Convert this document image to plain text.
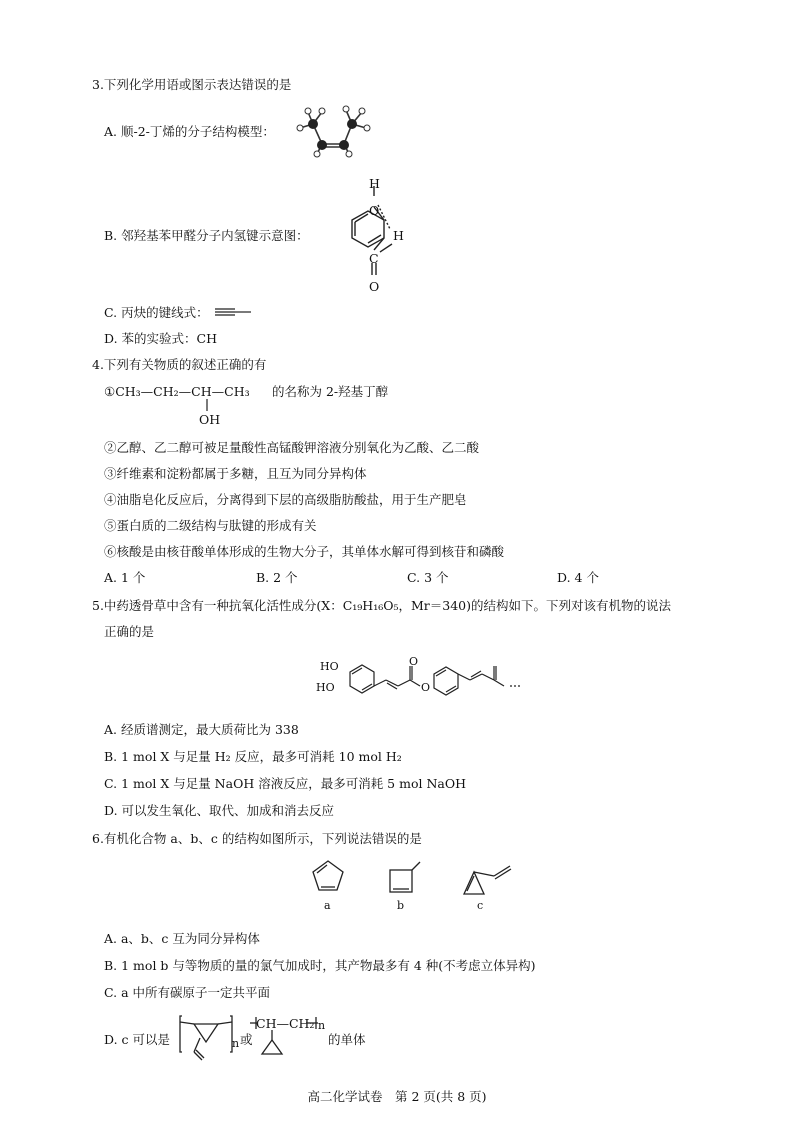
3.下列化学用语或图示表达错误的是
A. 顺-2-丁烯的分子结构模型：
B. 邻羟基苯甲醛分子内氢键示意图：
H
O
H
C
O
C. 丙炔的键线式：
D. 苯的实验式：CH
4.下列有关物质的叙述正确的有
①CH₃—CH₂—CH—CH₃
OH
的名称为 2-羟基丁醇
②乙醇、乙二醇可被足量酸性高锰酸钾溶液分别氧化为乙酸、乙二酸
③纤维素和淀粉都属于多糖，且互为同分异构体
④油脂皂化反应后，分离得到下层的高级脂肪酸盐，用于生产肥皂
⑤蛋白质的二级结构与肽键的形成有关
⑥核酸是由核苷酸单体形成的生物大分子，其单体水解可得到核苷和磷酸
A. 1 个	B. 2 个	C. 3 个	D. 4 个
5.中药透骨草中含有一种抗氧化活性成分(X：C₁₉H₁₆O₅，Mr＝340)的结构如下。下列对该有机物的说法
正确的是
HO
HO
O
O
A. 经质谱测定，最大质荷比为 338
B. 1 mol X 与足量 H₂ 反应，最多可消耗 10 mol H₂
C. 1 mol X 与足量 NaOH 溶液反应，最多可消耗 5 mol NaOH
D. 可以发生氧化、取代、加成和消去反应
6.有机化合物 a、b、c 的结构如图所示，下列说法错误的是
a	b	c
A. a、b、c 互为同分异构体
B. 1 mol b 与等物质的量的氯气加成时，其产物最多有 4 种(不考虑立体异构)
C. a 中所有碳原子一定共平面
D. c 可以是	n 或
CH—CH₂ n
的单体
高二化学试卷　第 2 页(共 8 页)
